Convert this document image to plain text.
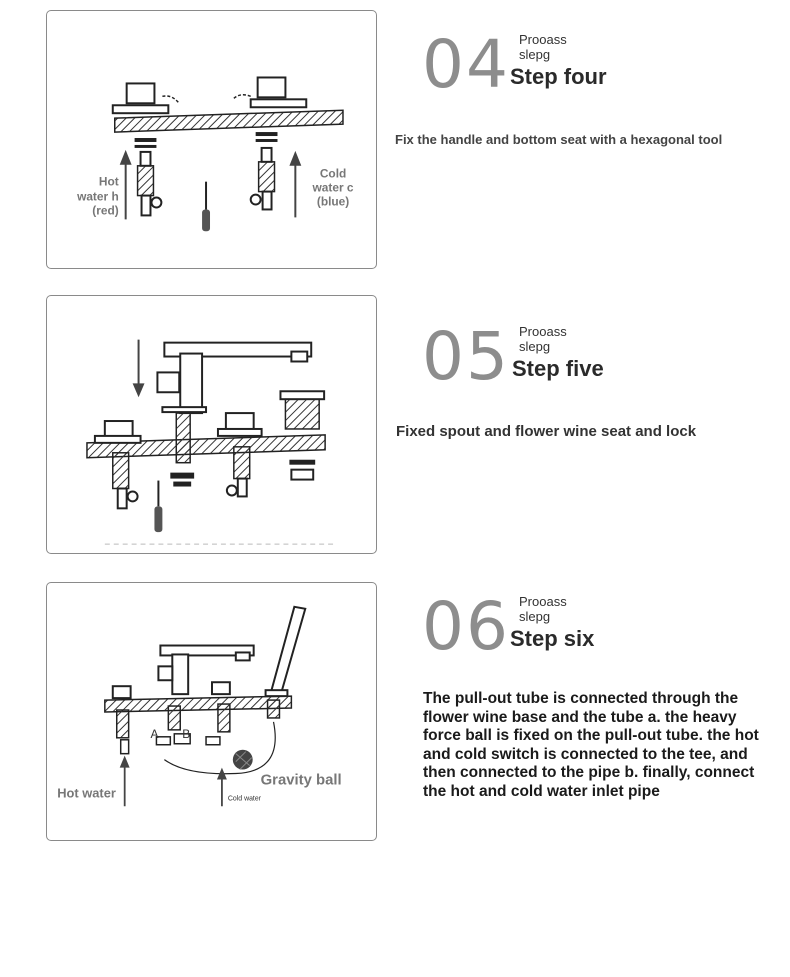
Hot
water h
(red)
Cold
water c
(blue)
04 Prooass
slepg
Step four
Fix the handle and bottom seat with a hexagonal tool
05 Prooass
slepg
Step five
Fixed spout and flower wine seat and lock
A B
Hot water	Cold water
Gravity ball
06 Prooass
slepg
Step six
The pull-out tube is connected through the flower wine base and the tube a. the heavy force ball is fixed on the pull-out tube. the hot and cold switch is connected to the tee, and then connected to the pipe b. finally, connect the hot and cold water inlet pipe
